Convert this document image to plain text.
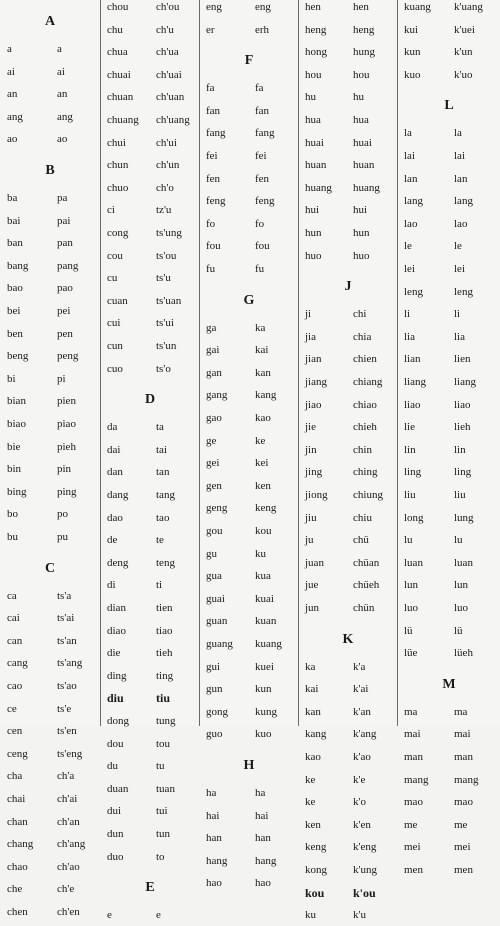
A
a	a
ai	ai
an	an
ang	ang
ao	ao
B
ba	pa
bai	pai
ban	pan
bang	pang
bao	pao
bei	pei
ben	pen
beng	peng
bi	pi
bian	pien
biao	piao
bie	pieh
bin	pin
bing	ping
bo	po
bu	pu
C
ca	ts'a
cai	ts'ai
can	ts'an
cang	ts'ang
cao	ts'ao
ce	ts'e
cen	ts'en
ceng	ts'eng
cha	ch'a
chai	ch'ai
chan	ch'an
chang ch'ang
chao	ch'ao
che	ch'e
chen	ch'en
chou	ch'ou
chu	ch'u
chua	ch'ua
chuai ch'uai
chuan ch'uan
chuang ch'uang
chui	ch'ui
chun	ch'un
chuo	ch'o
ci	tz'u
cong	ts'ung
cou	ts'ou
cu	ts'u
cuan	ts'uan
cui	ts'ui
cun	ts'un
cuo	ts'o
D
da	ta
dai	tai
dan	tan
dang	tang
dao	tao
de	te
deng	teng
di	ti
dian	tien
diao	tiao
die	tieh
ding	ting
diu	tiu
dong tung
dou	tou
du	tu
duan	tuan
dui	tui
dun	tun
duo	to
E
e	e
eng	eng
er	erh
F
fa	fa
fan	fan
fang	fang
fei	fei
fen	fen
feng	feng
fo	fo
fou	fou
fu	fu
G
ga	ka
gai	kai
gan	kan
gang	kang
gao	kao
ge	ke
gei	kei
gen	ken
geng	keng
gou	kou
gu	ku
gua	kua
guai	kuai
guan	kuan
guang kuang
gui	kuei
gun	kun
gong kung
guo	kuo
H
ha	ha
hai	hai
han	han
hang	hang
hao	hao
hen	hen
heng heng
hong hung
hou	hou
hu	hu
hua	hua
huai	huai
huan huan
huang huang
hui	hui
hun	hun
huo	huo
J
ji	chi
jia	chia
jian	chien
jiang chiang
jiao	chiao
jie	chieh
jin	chin
jing	ching
jiong chiung
jiu	chiu
ju	chü
juan	chüan
jue	chüeh
jun	chün
K
ka	k'a
kai	k'ai
kan	k'an
kang k'ang
kao	k'ao
ke	k'e
ke	k'o
ken	k'en
keng k'eng
kong k'ung
kou k'ou
ku	k'u
kuang k'uang
kui	k'uei
kun	k'un
kuo	k'uo
L
la	la
lai	lai
lan	lan
lang	lang
lao	lao
le	le
lei	lei
leng	leng
li	li
lia	lia
lian	lien
liang	liang
liao	liao
lie	lieh
lin	lin
ling	ling
liu	liu
long	lung
lu	lu
luan	luan
lun	lun
luo	luo
lü	lü
lüe	lüeh
M
ma	ma
mai	mai
man	man
mang mang
mao	mao
me	me
mei	mei
men	men
